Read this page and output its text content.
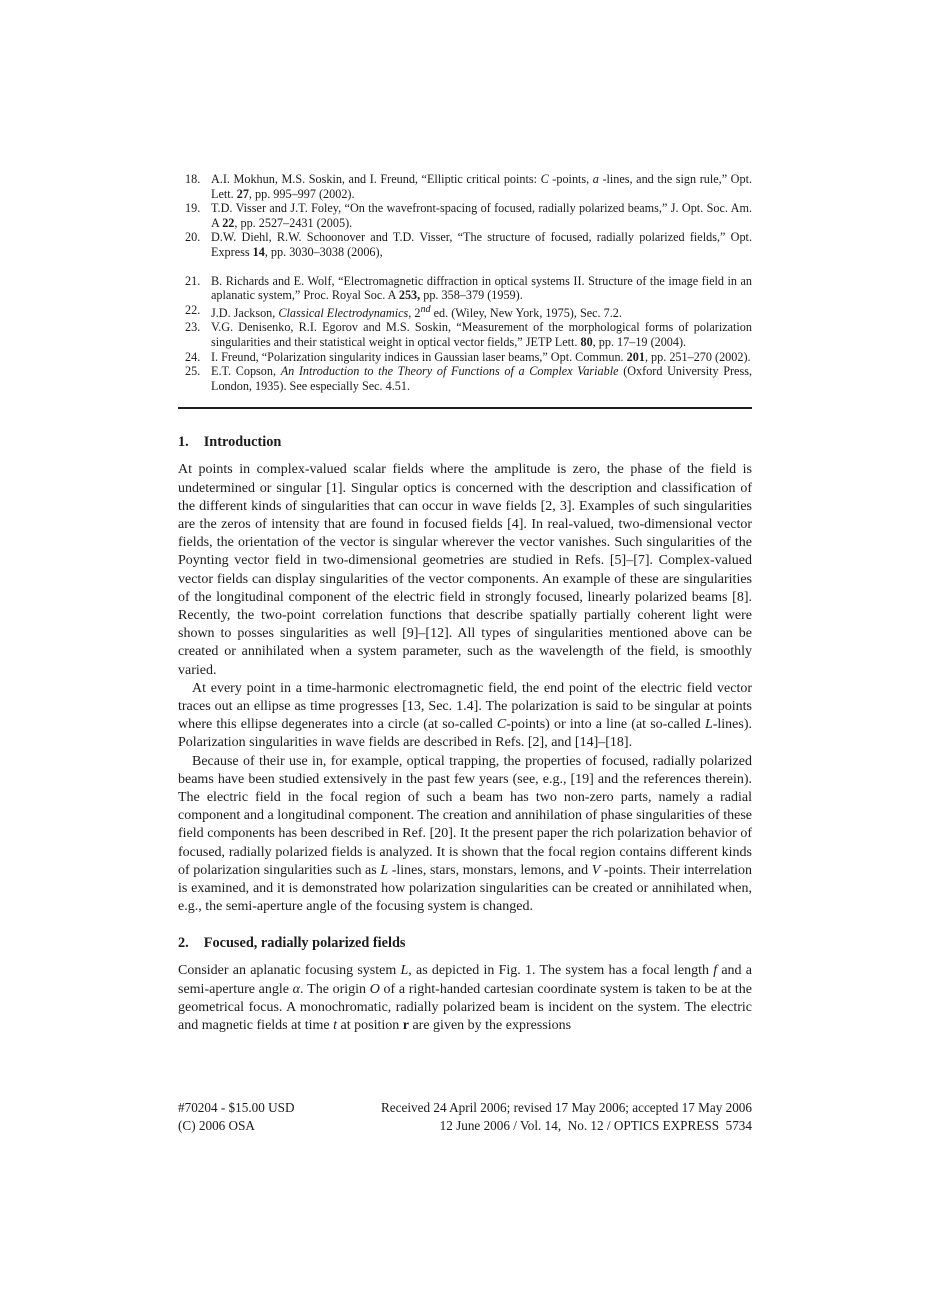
18. A.I. Mokhun, M.S. Soskin, and I. Freund, “Elliptic critical points: C -points, a -lines, and the sign rule,” Opt. Lett. 27, pp. 995–997 (2002).
19. T.D. Visser and J.T. Foley, “On the wavefront-spacing of focused, radially polarized beams,” J. Opt. Soc. Am. A 22, pp. 2527–2431 (2005).
20. D.W. Diehl, R.W. Schoonover and T.D. Visser, “The structure of focused, radially polarized fields,” Opt. Express 14, pp. 3030–3038 (2006),
21. B. Richards and E. Wolf, “Electromagnetic diffraction in optical systems II. Structure of the image field in an aplanatic system,” Proc. Royal Soc. A 253, pp. 358–379 (1959).
22. J.D. Jackson, Classical Electrodynamics, 2nd ed. (Wiley, New York, 1975), Sec. 7.2.
23. V.G. Denisenko, R.I. Egorov and M.S. Soskin, “Measurement of the morphological forms of polarization singularities and their statistical weight in optical vector fields,” JETP Lett. 80, pp. 17–19 (2004).
24. I. Freund, “Polarization singularity indices in Gaussian laser beams,” Opt. Commun. 201, pp. 251–270 (2002).
25. E.T. Copson, An Introduction to the Theory of Functions of a Complex Variable (Oxford University Press, London, 1935). See especially Sec. 4.51.
1. Introduction

At points in complex-valued scalar fields where the amplitude is zero, the phase of the field is undetermined or singular [1]. Singular optics is concerned with the description and classification of the different kinds of singularities that can occur in wave fields [2, 3]. Examples of such singularities are the zeros of intensity that are found in focused fields [4]. In real-valued, two-dimensional vector fields, the orientation of the vector is singular wherever the vector vanishes. Such singularities of the Poynting vector field in two-dimensional geometries are studied in Refs. [5]–[7]. Complex-valued vector fields can display singularities of the vector components. An example of these are singularities of the longitudinal component of the electric field in strongly focused, linearly polarized beams [8]. Recently, the two-point correlation functions that describe spatially partially coherent light were shown to posses singularities as well [9]–[12]. All types of singularities mentioned above can be created or annihilated when a system parameter, such as the wavelength of the field, is smoothly varied.

At every point in a time-harmonic electromagnetic field, the end point of the electric field vector traces out an ellipse as time progresses [13, Sec. 1.4]. The polarization is said to be singular at points where this ellipse degenerates into a circle (at so-called C-points) or into a line (at so-called L-lines). Polarization singularities in wave fields are described in Refs. [2], and [14]–[18].

Because of their use in, for example, optical trapping, the properties of focused, radially polarized beams have been studied extensively in the past few years (see, e.g., [19] and the references therein). The electric field in the focal region of such a beam has two non-zero parts, namely a radial component and a longitudinal component. The creation and annihilation of phase singularities of these field components has been described in Ref. [20]. It the present paper the rich polarization behavior of focused, radially polarized fields is analyzed. It is shown that the focal region contains different kinds of polarization singularities such as L -lines, stars, monstars, lemons, and V -points. Their interrelation is examined, and it is demonstrated how polarization singularities can be created or annihilated when, e.g., the semi-aperture angle of the focusing system is changed.

2. Focused, radially polarized fields

Consider an aplanatic focusing system L, as depicted in Fig. 1. The system has a focal length f and a semi-aperture angle α. The origin O of a right-handed cartesian coordinate system is taken to be at the geometrical focus. A monochromatic, radially polarized beam is incident on the system. The electric and magnetic fields at time t at position r are given by the expressions

#70204 - $15.00 USD
(C) 2006 OSA
Received 24 April 2006; revised 17 May 2006; accepted 17 May 2006
12 June 2006 / Vol. 14,  No. 12 / OPTICS EXPRESS  5734
